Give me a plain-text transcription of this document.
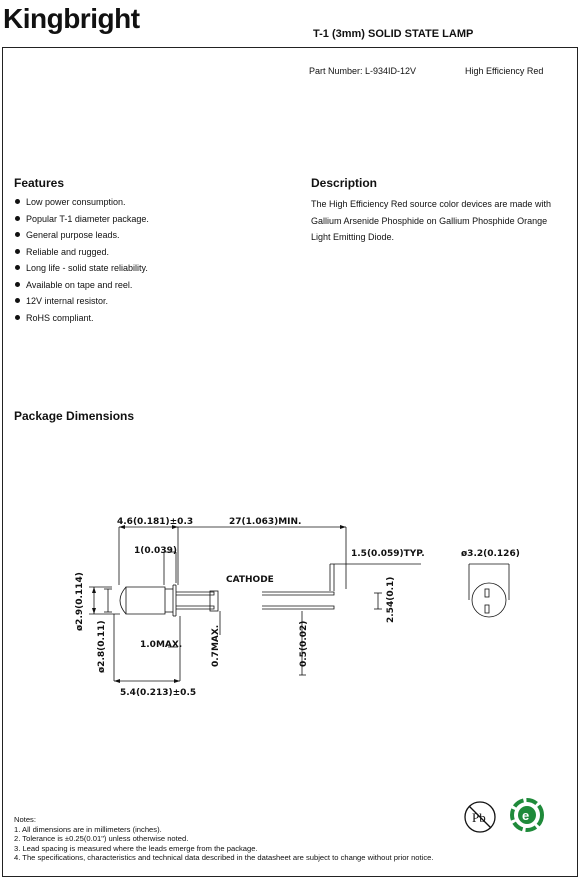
Kingbright	T-1 (3mm) SOLID STATE LAMP
Part Number: L-934ID-12V	High Efficiency Red
Features
Low power consumption.
Popular T-1 diameter package.
General purpose leads.
Reliable and rugged.
Long life - solid state reliability.
Available on tape and reel.
12V internal resistor.
RoHS compliant.
Description
The High Efficiency Red source color devices are made with
Gallium Arsenide Phosphide on Gallium Phosphide Orange
Light Emitting Diode.
Package Dimensions
4.6(0.181)±0.3	27(1.063)MIN.
1(0.039)	1.5(0.059)TYP.	ø3.2(0.126)
CATHODE
1.0MAX.
5.4(0.213)±0.5
ø2.9(0.114)
ø2.8(0.11)	0.7MAX.	0.5(0.02)
2.54(0.1)
Notes:
1. All dimensions are in millimeters (inches).
2. Tolerance is ±0.25(0.01") unless otherwise noted.
3. Lead spacing is measured where the leads emerge from the package.
4. The specifications, characteristics and technical data described in the datasheet are subject to change without prior notice.
Pb	e
